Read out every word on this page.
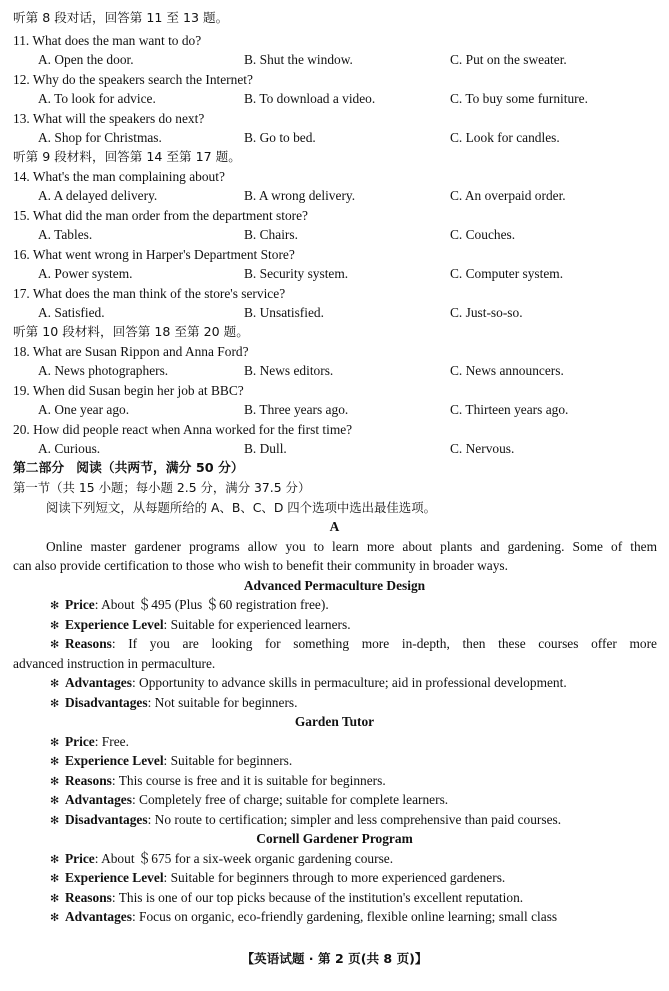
听第 8 段对话，回答第 11 至 13 题。
11. What does the man want to do?
A. Open the door.	B. Shut the window.	C. Put on the sweater.
12. Why do the speakers search the Internet?
A. To look for advice.	B. To download a video.	C. To buy some furniture.
13. What will the speakers do next?
A. Shop for Christmas.	B. Go to bed.	C. Look for candles.
听第 9 段材料，回答第 14 至第 17 题。
14. What's the man complaining about?
A. A delayed delivery.	B. A wrong delivery.	C. An overpaid order.
15. What did the man order from the department store?
A. Tables.	B. Chairs.	C. Couches.
16. What went wrong in Harper's Department Store?
A. Power system.	B. Security system.	C. Computer system.
17. What does the man think of the store's service?
A. Satisfied.	B. Unsatisfied.	C. Just-so-so.
听第 10 段材料，回答第 18 至第 20 题。
18. What are Susan Rippon and Anna Ford?
A. News photographers.	B. News editors.	C. News announcers.
19. When did Susan begin her job at BBC?
A. One year ago.	B. Three years ago.	C. Thirteen years ago.
20. How did people react when Anna worked for the first time?
A. Curious.	B. Dull.	C. Nervous.
第二部分 阅读（共两节，满分 50 分）
第一节（共 15 小题；每小题 2.5 分，满分 37.5 分）
阅读下列短文，从每题所给的 A、B、C、D 四个选项中选出最佳选项。
A
Online master gardener programs allow you to learn more about plants and gardening. Some of them
can also provide certification to those who wish to benefit their community in broader ways.
Advanced Permaculture Design
✻ Price: About ＄495 (Plus ＄60 registration free).
✻ Experience Level: Suitable for experienced learners.
✻ Reasons: If you are looking for something more in-depth, then these courses offer more
advanced instruction in permaculture.
✻ Advantages: Opportunity to advance skills in permaculture; aid in professional development.
✻ Disadvantages: Not suitable for beginners.
Garden Tutor
✻ Price: Free.
✻ Experience Level: Suitable for beginners.
✻ Reasons: This course is free and it is suitable for beginners.
✻ Advantages: Completely free of charge; suitable for complete learners.
✻ Disadvantages: No route to certification; simpler and less comprehensive than paid courses.
Cornell Gardener Program
✻ Price: About ＄675 for a six-week organic gardening course.
✻ Experience Level: Suitable for beginners through to more experienced gardeners.
✻ Reasons: This is one of our top picks because of the institution's excellent reputation.
✻ Advantages: Focus on organic, eco-friendly gardening, flexible online learning; small class
【英语试题 · 第 2 页(共 8 页)】
